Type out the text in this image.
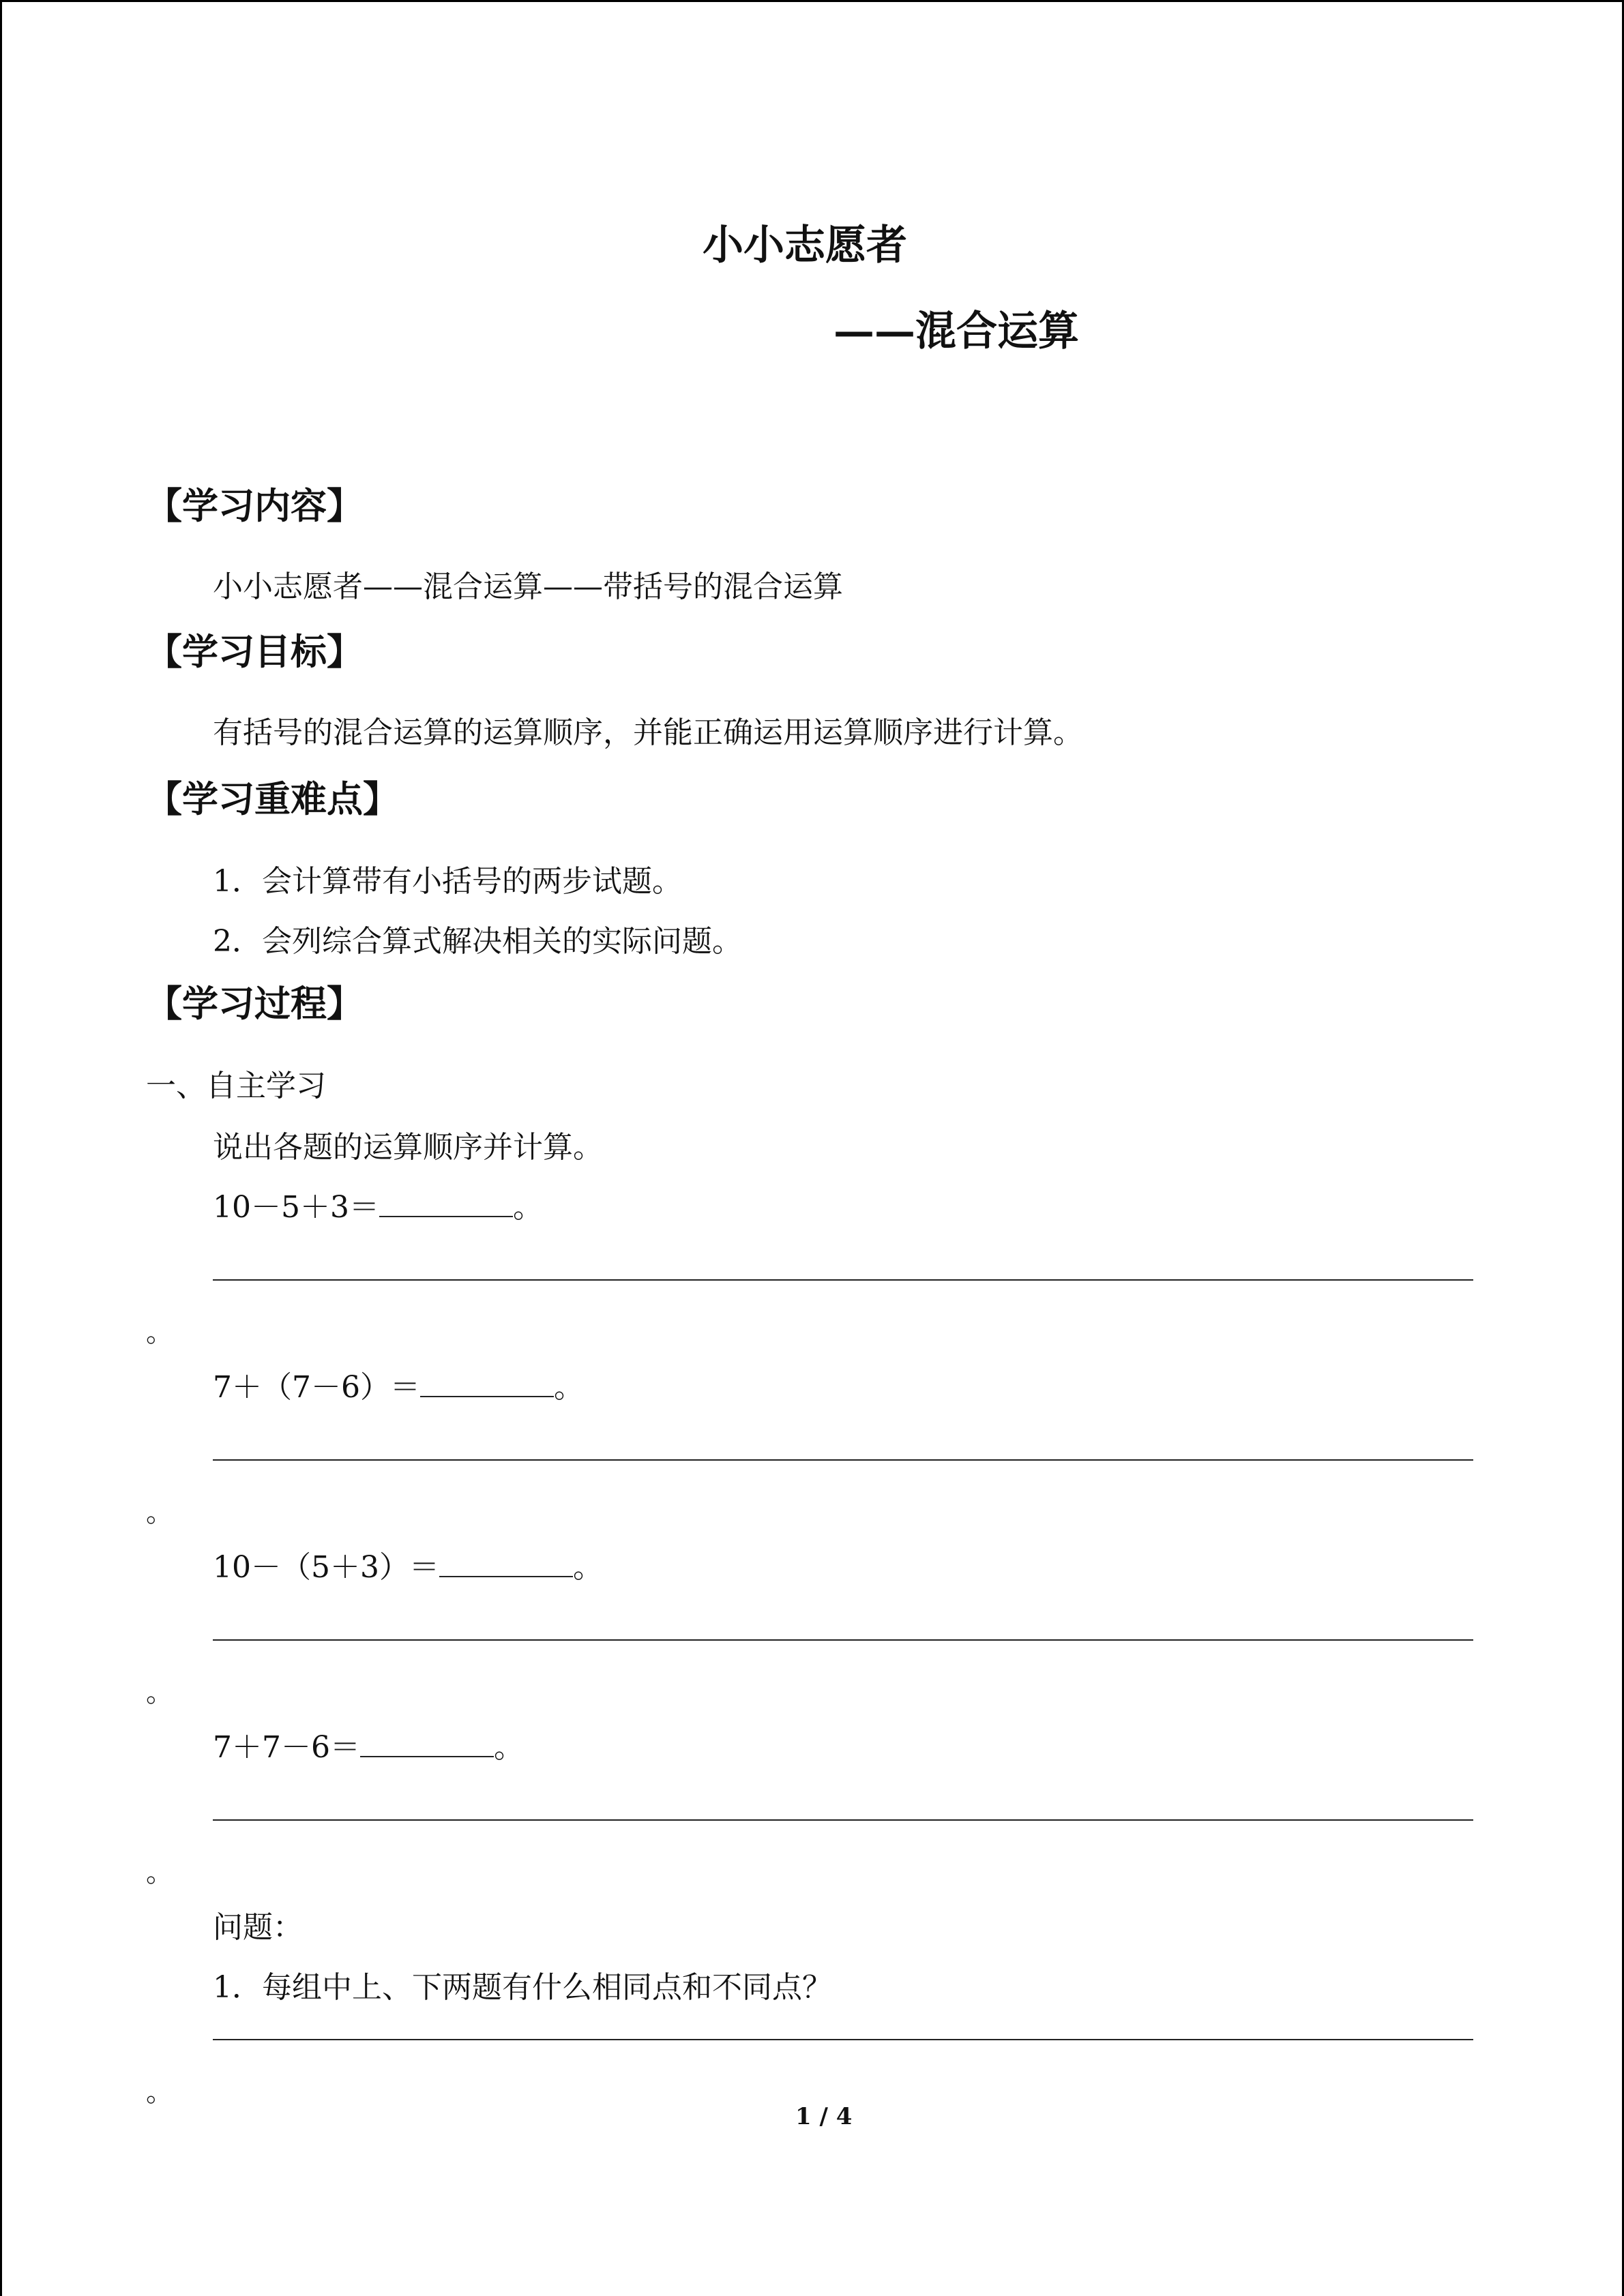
小小志愿者
——混合运算
【学习内容】
小小志愿者——混合运算——带括号的混合运算
【学习目标】
有括号的混合运算的运算顺序，并能正确运用运算顺序进行计算。
【学习重难点】
1．会计算带有小括号的两步试题。
2．会列综合算式解决相关的实际问题。
【学习过程】
一、自主学习
说出各题的运算顺序并计算。
10－5＋3＝	。
。
7＋（7－6）＝	。
。
10－（5＋3）＝	。
。
7＋7－6＝	。
。
问题：
1．每组中上、下两题有什么相同点和不同点？
。
1 / 4
